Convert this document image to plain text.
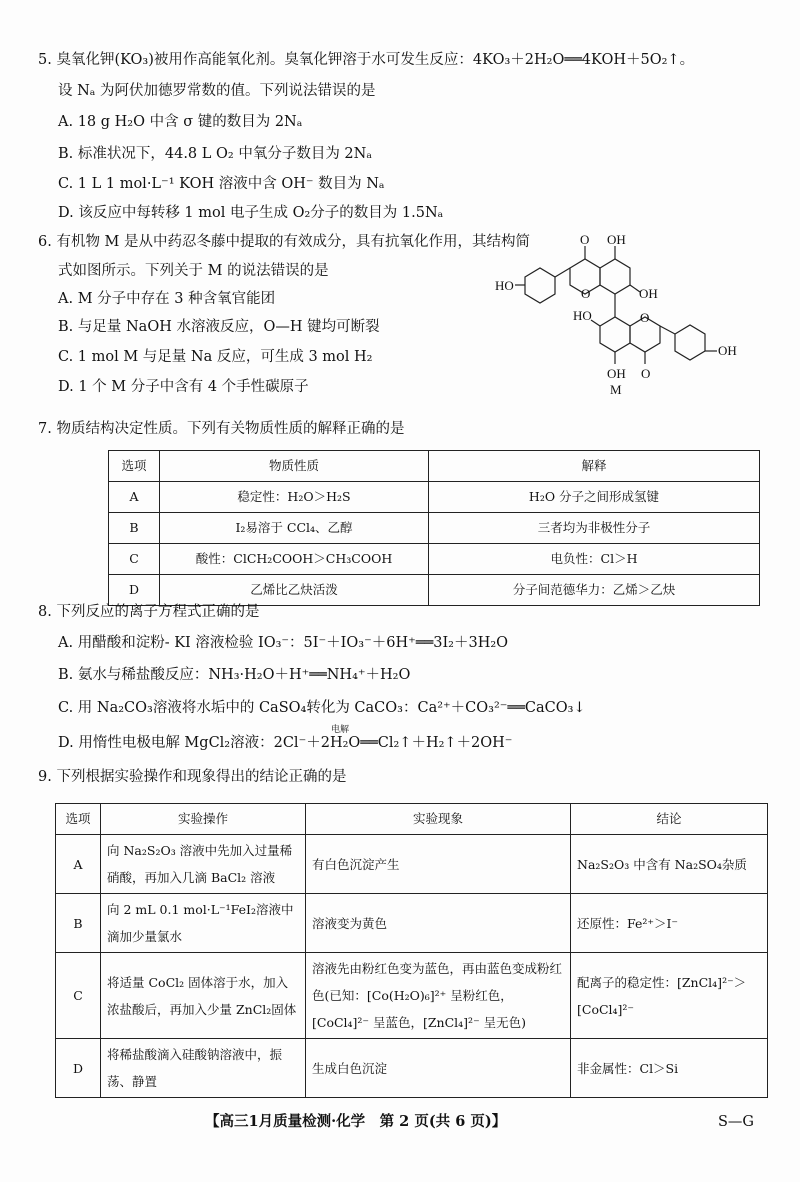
5. 臭氧化钾(KO₃)被用作高能氧化剂。臭氧化钾溶于水可发生反应：4KO₃＋2H₂O══4KOH＋5O₂↑。
设 Nₐ 为阿伏加德罗常数的值。下列说法错误的是
A. 18 g H₂O 中含 σ 键的数目为 2Nₐ
B. 标准状况下，44.8 L O₂ 中氧分子数目为 2Nₐ
C. 1 L 1 mol·L⁻¹ KOH 溶液中含 OH⁻ 数目为 Nₐ
D. 该反应中每转移 1 mol 电子生成 O₂分子的数目为 1.5Nₐ
6. 有机物 M 是从中药忍冬藤中提取的有效成分，具有抗氧化作用，其结构简
式如图所示。下列关于 M 的说法错误的是
A. M 分子中存在 3 种含氧官能团
B. 与足量 NaOH 水溶液反应，O—H 键均可断裂
C. 1 mol M 与足量 Na 反应，可生成 3 mol H₂
D. 1 个 M 分子中含有 4 个手性碳原子
O OH
HO
O	OH
HO	O
OH
OH O
M
7. 物质结构决定性质。下列有关物质性质的解释正确的是
选项	物质性质	解释
A	稳定性：H₂O＞H₂S	H₂O 分子之间形成氢键
B	I₂易溶于 CCl₄、乙醇	三者均为非极性分子
C	酸性：ClCH₂COOH＞CH₃COOH	电负性：Cl＞H
D	乙烯比乙炔活泼	分子间范德华力：乙烯＞乙炔
8. 下列反应的离子方程式正确的是
A. 用醋酸和淀粉- KI 溶液检验 IO₃⁻：5I⁻＋IO₃⁻＋6H⁺══3I₂＋3H₂O
B. 氨水与稀盐酸反应：NH₃·H₂O＋H⁺══NH₄⁺＋H₂O
C. 用 Na₂CO₃溶液将水垢中的 CaSO₄转化为 CaCO₃：Ca²⁺＋CO₃²⁻══CaCO₃↓
电解
D. 用惰性电极电解 MgCl₂溶液：2Cl⁻＋2H₂O══Cl₂↑＋H₂↑＋2OH⁻
9. 下列根据实验操作和现象得出的结论正确的是
选项	实验操作	实验现象	结论
A	向 Na₂S₂O₃ 溶液中先加入过量稀硝酸，再加入几滴 BaCl₂ 溶液	有白色沉淀产生	Na₂S₂O₃ 中含有 Na₂SO₄杂质
B	向 2 mL 0.1 mol·L⁻¹FeI₂溶液中滴加少量氯水	溶液变为黄色	还原性：Fe²⁺＞I⁻
C	将适量 CoCl₂ 固体溶于水，加入浓盐酸后，再加入少量 ZnCl₂固体	溶液先由粉红色变为蓝色，再由蓝色变成粉红色(已知：[Co(H₂O)₆]²⁺ 呈粉红色，[CoCl₄]²⁻ 呈蓝色，[ZnCl₄]²⁻ 呈无色)	配离子的稳定性：[ZnCl₄]²⁻＞[CoCl₄]²⁻
D	将稀盐酸滴入硅酸钠溶液中，振荡、静置	生成白色沉淀	非金属性：Cl＞Si
【高三1月质量检测·化学　第 2 页(共 6 页)】	S—G
